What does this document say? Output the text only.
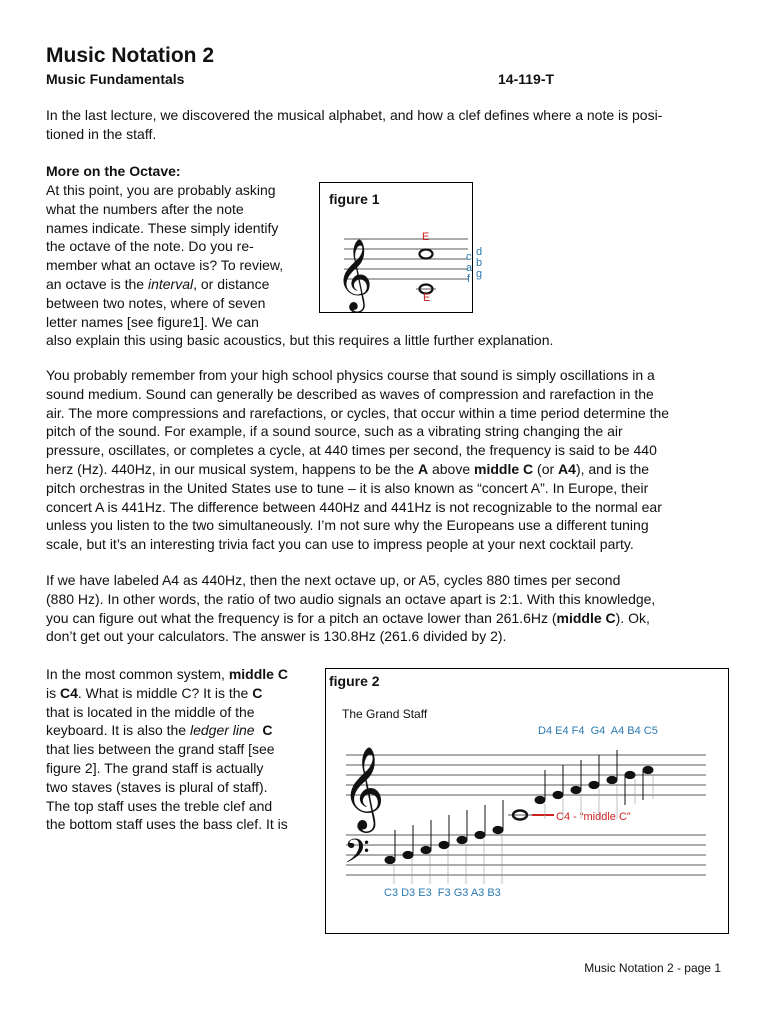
Music Notation 2
Music Fundamentals	14-119-T
In the last lecture, we discovered the musical alphabet, and how a clef defines where a note is posi-
tioned in the staff.
More on the Octave:
At this point, you are probably asking
what the numbers after the note
names indicate. These simply identify
the octave of the note. Do you re-
member what an octave is? To review,
an octave is the interval, or distance
between two notes, where of seven
letter names [see figure1]. We can
also explain this using basic acoustics, but this requires a little further explanation.
figure 1
𝄞
E
E
c
a
f
d
b
g
You probably remember from your high school physics course that sound is simply oscillations in a
sound medium. Sound can generally be described as waves of compression and rarefaction in the
air. The more compressions and rarefactions, or cycles, that occur within a time period determine the
pitch of the sound. For example, if a sound source, such as a vibrating string changing the air
pressure, oscillates, or completes a cycle, at 440 times per second, the frequency is said to be 440
herz (Hz). 440Hz, in our musical system, happens to be the A above middle C (or A4), and is the
pitch orchestras in the United States use to tune – it is also known as “concert A”. In Europe, their
concert A is 441Hz. The difference between 440Hz and 441Hz is not recognizable to the normal ear
unless you listen to the two simultaneously. I’m not sure why the Europeans use a different tuning
scale, but it’s an interesting trivia fact you can use to impress people at your next cocktail party.
If we have labeled A4 as 440Hz, then the next octave up, or A5, cycles 880 times per second
(880 Hz). In other words, the ratio of two audio signals an octave apart is 2:1. With this knowledge,
you can figure out what the frequency is for a pitch an octave lower than 261.6Hz (middle C). Ok,
don’t get out your calculators. The answer is 130.8Hz (261.6 divided by 2).
In the most common system, middle C
is C4. What is middle C? It is the C
that is located in the middle of the
keyboard. It is also the ledger line C
that lies between the grand staff [see
figure 2]. The grand staff is actually
two staves (staves is plural of staff).
The top staff uses the treble clef and
the bottom staff uses the bass clef. It is
figure 2
The Grand Staff
D4 E4 F4  G4  A4 B4 C5
C3 D3 E3  F3 G3 A3 B3
C4 - “middle C”
𝄞
𝄢
Music Notation 2 - page 1
